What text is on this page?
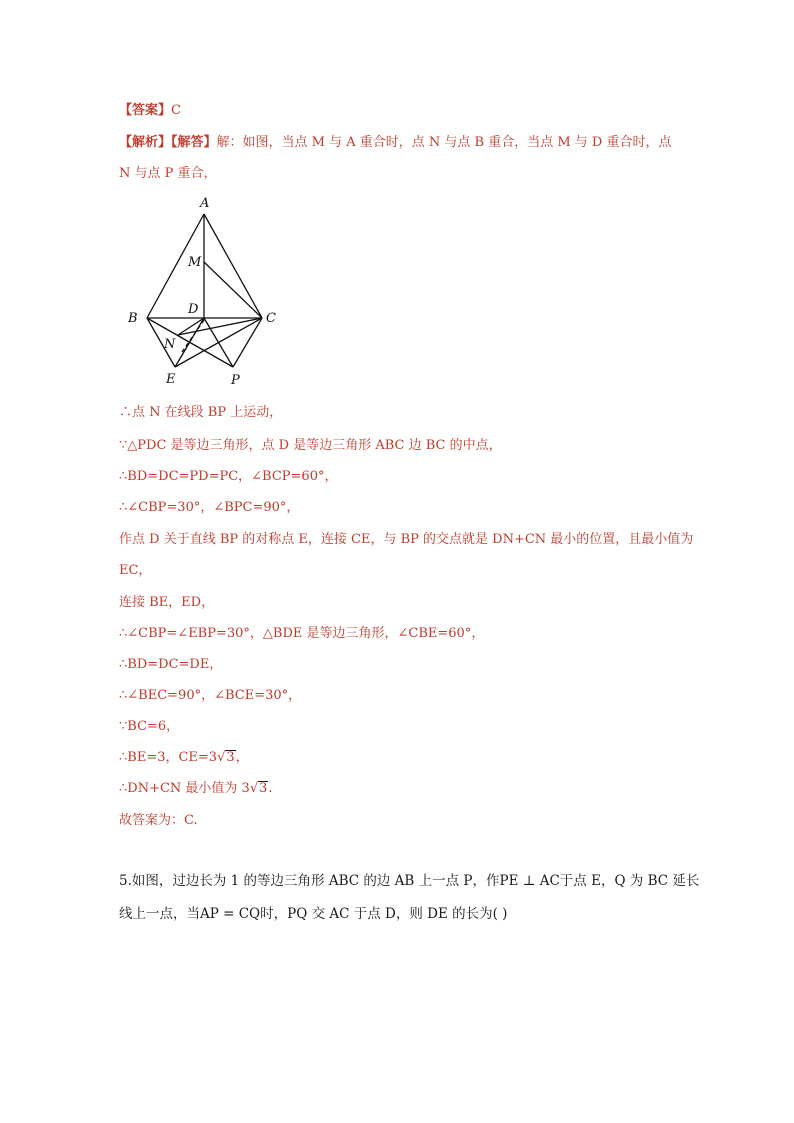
【答案】C
【解析】【解答】解：如图，当点 M 与 A 重合时，点 N 与点 B 重合，当点 M 与 D 重合时，点
N 与点 P 重合，
A
M
B
D
C
N
E	P
∴点 N 在线段 BP 上运动，
∵△PDC 是等边三角形，点 D 是等边三角形 ABC 边 BC 的中点，
∴BD=DC=PD=PC，∠BCP=60°，
∴∠CBP=30°，∠BPC=90°，
作点 D 关于直线 BP 的对称点 E，连接 CE，与 BP 的交点就是 DN+CN 最小的位置，且最小值为
EC，
连接 BE，ED，
∴∠CBP=∠EBP=30°，△BDE 是等边三角形，∠CBE=60°，
∴BD=DC=DE，
∴∠BEC=90°，∠BCE=30°，
∵BC=6，
∴BE=3，CE=3√3，
∴DN+CN 最小值为 3√3.
故答案为：C.
5.如图，过边长为 1 的等边三角形 ABC 的边 AB 上一点 P，作PE ⊥ AC于点 E，Q 为 BC 延长
线上一点，当AP = CQ时，PQ 交 AC 于点 D，则 DE 的长为( )
